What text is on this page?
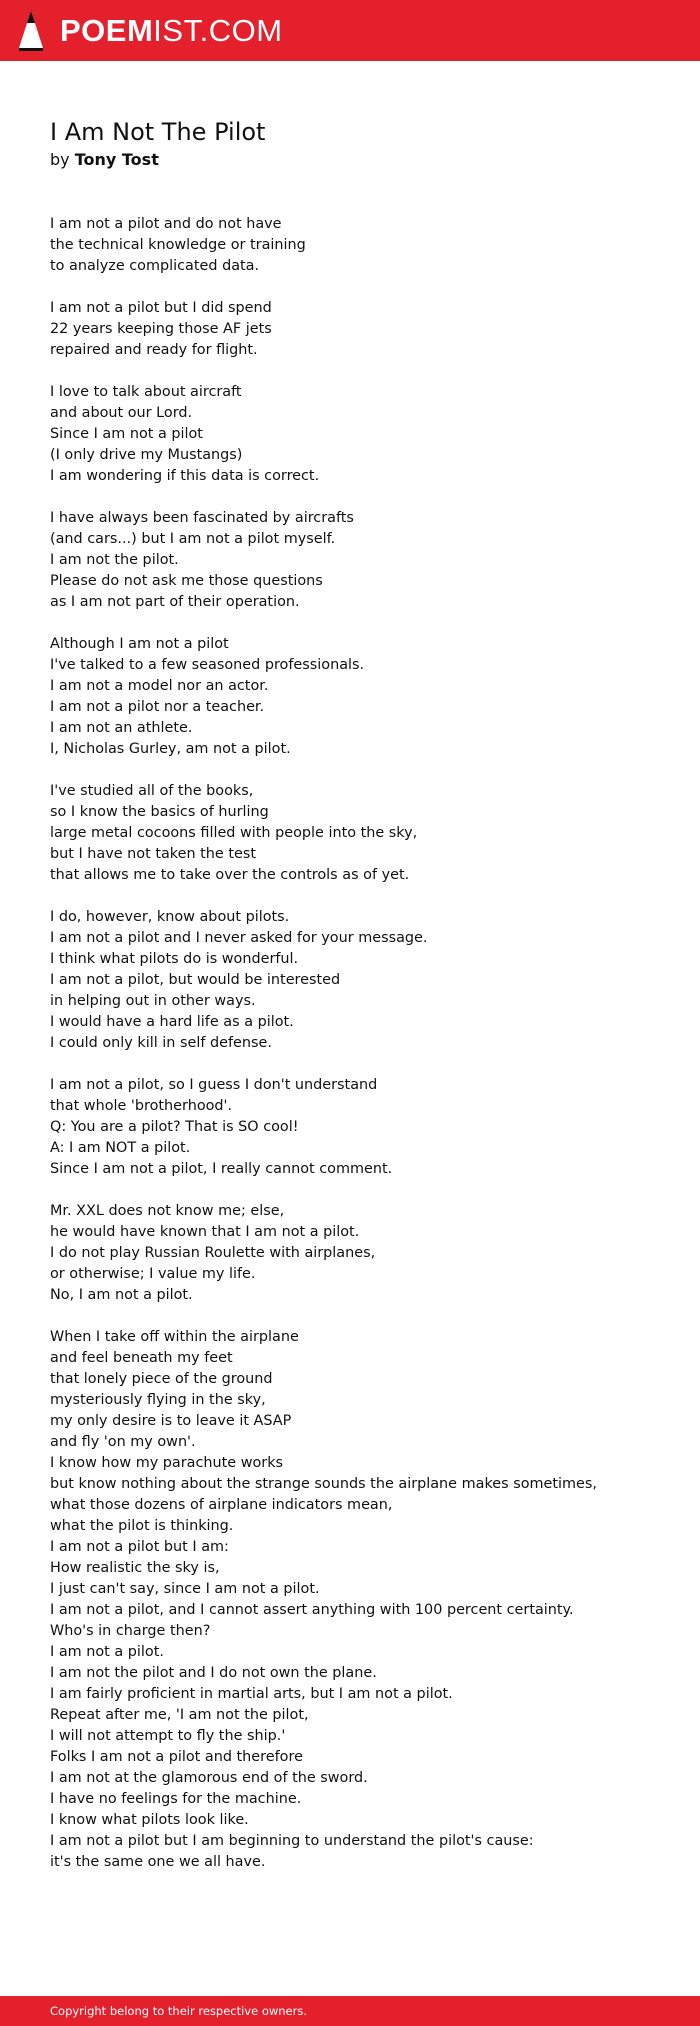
POEMIST.COM
I Am Not The Pilot
by Tony Tost
I am not a pilot and do not have
the technical knowledge or training
to analyze complicated data.
I am not a pilot but I did spend
22 years keeping those AF jets
repaired and ready for flight.
I love to talk about aircraft
and about our Lord.
Since I am not a pilot
(I only drive my Mustangs)
I am wondering if this data is correct.
I have always been fascinated by aircrafts
(and cars...) but I am not a pilot myself.
I am not the pilot.
Please do not ask me those questions
as I am not part of their operation.
Although I am not a pilot
I've talked to a few seasoned professionals.
I am not a model nor an actor.
I am not a pilot nor a teacher.
I am not an athlete.
I, Nicholas Gurley, am not a pilot.
I've studied all of the books,
so I know the basics of hurling
large metal cocoons filled with people into the sky,
but I have not taken the test
that allows me to take over the controls as of yet.
I do, however, know about pilots.
I am not a pilot and I never asked for your message.
I think what pilots do is wonderful.
I am not a pilot, but would be interested
in helping out in other ways.
I would have a hard life as a pilot.
I could only kill in self defense.
I am not a pilot, so I guess I don't understand
that whole 'brotherhood'.
Q: You are a pilot? That is SO cool!
A: I am NOT a pilot.
Since I am not a pilot, I really cannot comment.
Mr. XXL does not know me; else,
he would have known that I am not a pilot.
I do not play Russian Roulette with airplanes,
or otherwise; I value my life.
No, I am not a pilot.
When I take off within the airplane
and feel beneath my feet
that lonely piece of the ground
mysteriously flying in the sky,
my only desire is to leave it ASAP
and fly 'on my own'.
I know how my parachute works
but know nothing about the strange sounds the airplane makes sometimes,
what those dozens of airplane indicators mean,
what the pilot is thinking.
I am not a pilot but I am:
How realistic the sky is,
I just can't say, since I am not a pilot.
I am not a pilot, and I cannot assert anything with 100 percent certainty.
Who's in charge then?
I am not a pilot.
I am not the pilot and I do not own the plane.
I am fairly proficient in martial arts, but I am not a pilot.
Repeat after me, 'I am not the pilot,
I will not attempt to fly the ship.'
Folks I am not a pilot and therefore
I am not at the glamorous end of the sword.
I have no feelings for the machine.
I know what pilots look like.
I am not a pilot but I am beginning to understand the pilot's cause:
it's the same one we all have.
Copyright belong to their respective owners.
